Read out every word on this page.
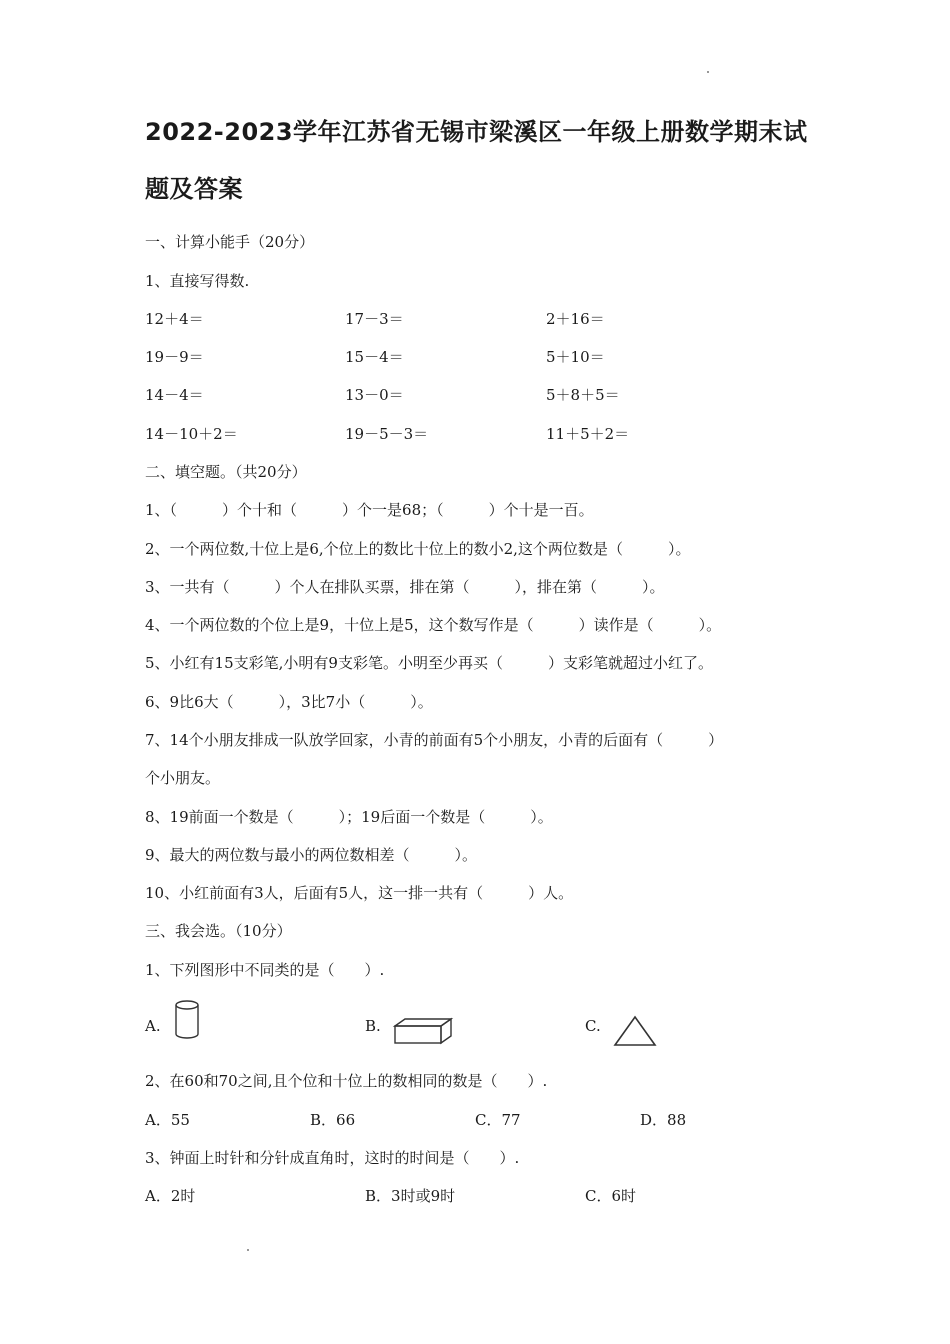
2022-2023学年江苏省无锡市梁溪区一年级上册数学期末试
题及答案
一、计算小能手（20分）
1、直接写得数.
12＋4＝	17－3＝	2＋16＝
19－9＝	15－4＝	5＋10＝
14－4＝	13－0＝	5＋8＋5＝
14－10＋2＝	19－5－3＝	11＋5＋2＝
二、填空题。（共20分）
1、（　　　）个十和（　　　）个一是68；（　　　）个十是一百。
2、一个两位数,十位上是6,个位上的数比十位上的数小2,这个两位数是（　　　）。
3、一共有（　　　）个人在排队买票，排在第（　　　），排在第（　　　）。
4、一个两位数的个位上是9，十位上是5，这个数写作是（　　　）读作是（　　　）。
5、小红有15支彩笔,小明有9支彩笔。小明至少再买（　　　）支彩笔就超过小红了。
6、9比6大（　　　），3比7小（　　　）。
7、14个小朋友排成一队放学回家，小青的前面有5个小朋友，小青的后面有（　　　）
个小朋友。
8、19前面一个数是（　　　）；19后面一个数是（　　　）。
9、最大的两位数与最小的两位数相差（　　　）。
10、小红前面有3人，后面有5人，这一排一共有（　　　）人。
三、我会选。（10分）
1、下列图形中不同类的是（　　）.
A.	B.	C.
2、在60和70之间,且个位和十位上的数相同的数是（　　）.
A．55	B．66	C．77	D．88
3、钟面上时针和分针成直角时，这时的时间是（　　）.
A．2时	B．3时或9时	C．6时
